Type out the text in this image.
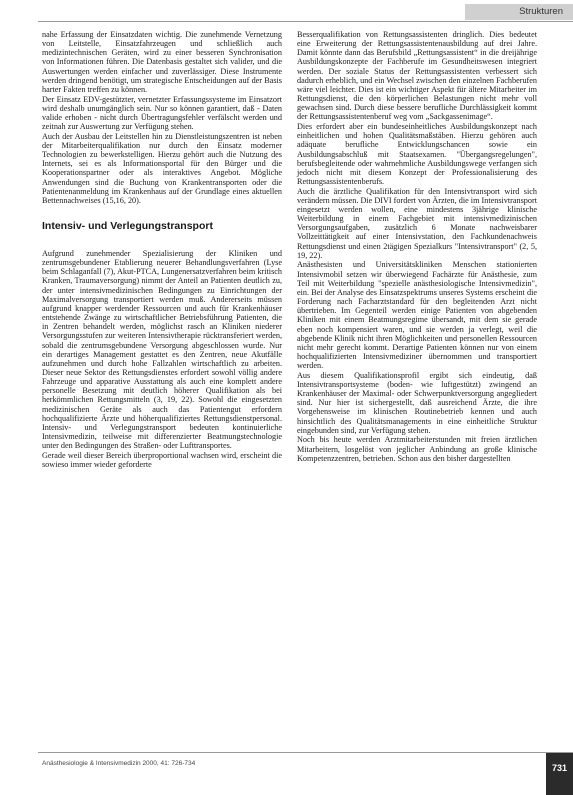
Strukturen

nahe Erfassung der Einsatzdaten wichtig. Die zunehmende Vernetzung von Leitstelle, Einsatzfahrzeugen und schließlich auch medizintechnischen Geräten, wird zu einer besseren Synchronisation von Informationen führen. Die Datenbasis gestaltet sich valider, und die Auswertungen werden einfacher und zuverlässiger. Diese Instrumente werden dringend benötigt, um strategische Entscheidungen auf der Basis harter Fakten treffen zu können.

Der Einsatz EDV-gestützter, vernetzter Erfassungssysteme im Einsatzort wird deshalb unumgänglich sein. Nur so können garantiert, daß - Daten valide erhoben - nicht durch Übertragungsfehler verfälscht werden und zeitnah zur Auswertung zur Verfügung stehen.

Auch der Ausbau der Leitstellen hin zu Dienstleistungszentren ist neben der Mitarbeiterqualifikation nur durch den Einsatz moderner Technologien zu bewerkstelligen. Hierzu gehört auch die Nutzung des Internets, sei es als Informationsportal für den Bürger und die Kooperationspartner oder als interaktives Angebot. Mögliche Anwendungen sind die Buchung von Krankentransporten oder die Patientenanmeldung im Krankenhaus auf der Grundlage eines aktuellen Bettennachweises (15,16, 20).

Intensiv- und Verlegungstransport

Aufgrund zunehmender Spezialisierung der Kliniken und zentrumsgebundener Etablierung neuerer Behandlungsverfahren (Lyse beim Schlaganfall (7), Akut-PTCA, Lungenersatzverfahren beim kritisch Kranken, Traumaversorgung) nimmt der Anteil an Patienten deutlich zu, der unter intensivmedizinischen Bedingungen zu Einrichtungen der Maximalversorgung transportiert werden muß. Andererseits müssen aufgrund knapper werdender Ressourcen und auch für Krankenhäuser entstehende Zwänge zu wirtschaftlicher Betriebsführung Patienten, die in Zentren behandelt werden, möglichst rasch an Kliniken niederer Versorgungsstufen zur weiteren Intensivtherapie rücktransferiert werden, sobald die zentrumsgebundene Versorgung abgeschlossen wurde. Nur ein derartiges Management gestattet es den Zentren, neue Akutfälle aufzunehmen und durch hohe Fallzahlen wirtschaftlich zu arbeiten. Dieser neue Sektor des Rettungsdienstes erfordert sowohl völlig andere Fahrzeuge und apparative Ausstattung als auch eine komplett andere personelle Besetzung mit deutlich höherer Qualifikation als bei herkömmlichen Rettungsmitteln (3, 19, 22). Sowohl die eingesetzten medizinischen Geräte als auch das Patientengut erfordern hochqualifizierte Ärzte und höherqualifiziertes Rettungsdienstpersonal. Intensiv- und Verlegungstransport bedeuten kontinuierliche Intensivmedizin, teilweise mit differenzierter Beatmungstechnologie unter den Bedingungen des Straßen- oder Lufttransportes.

Gerade weil dieser Bereich überproportional wachsen wird, erscheint die sowieso immer wieder geforderte

Besserqualifikation von Rettungsassistenten dringlich. Dies bedeutet eine Erweiterung der Rettungsassistentenausbildung auf drei Jahre. Damit könnte dann das Berufsbild „Rettungsassistent“ in die dreijährige Ausbildungskonzepte der Fachberufe im Gesundheitswesen integriert werden. Der soziale Status der Rettungsassistenten verbessert sich dadurch erheblich, und ein Wechsel zwischen den einzelnen Fachberufen wäre viel leichter. Dies ist ein wichtiger Aspekt für ältere Mitarbeiter im Rettungsdienst, die den körperlichen Belastungen nicht mehr voll gewachsen sind. Durch diese bessere berufliche Durchlässigkeit kommt der Rettungsassistentenberuf weg vom „Sackgassenimage“.

Dies erfordert aber ein bundeseinheitliches Ausbildungskonzept nach einheitlichen und hohen Qualitätsmaßstäben. Hierzu gehören auch adäquate berufliche Entwicklungschancen sowie ein Ausbildungsabschluß mit Staatsexamen. "Übergangsregelungen", berufsbegleitende oder wahrnehmliche Ausbildungswege verfangen sich jedoch nicht mit diesem Konzept der Professionalisierung des Rettungsassistentenberufs.

Auch die ärztliche Qualifikation für den Intensivtransport wird sich verändern müssen. Die DIVI fordert von Ärzten, die im Intensivtransport eingesetzt werden wollen, eine mindestens 3jährige klinische Weiterbildung in einem Fachgebiet mit intensivmedizinischen Versorgungsaufgaben, zusätzlich 6 Monate nachweisbarer Vollzeittätigkeit auf einer Intensivstation, den Fachkundenachweis Rettungsdienst und einen 2tägigen Spezialkurs "Intensivtransport" (2, 5, 19, 22).

Anästhesisten und Universitätskliniken Menschen stationierten Intensivmobil setzen wir überwiegend Fachärzte für Anästhesie, zum Teil mit Weiterbildung "spezielle anästhesiologische Intensivmedizin", ein. Bei der Analyse des Einsatzspektrums unseres Systems erscheint die Forderung nach Facharztstandard für den begleitenden Arzt nicht übertrieben. Im Gegenteil werden einige Patienten von abgebenden Kliniken mit einem Beatmungsregime übersandt, mit dem sie gerade eben noch kompensiert waren, und sie werden ja verlegt, weil die abgebende Klinik nicht ihren Möglichkeiten und personellen Ressourcen nicht mehr gerecht kommt. Derartige Patienten können nur von einem hochqualifizierten Intensivmediziner übernommen und transportiert werden.

Aus diesem Qualifikationsprofil ergibt sich eindeutig, daß Intensivtransportsysteme (boden- wie luftgestützt) zwingend an Krankenhäuser der Maximal- oder Schwerpunktversorgung angegliedert sind. Nur hier ist sichergestellt, daß ausreichend Ärzte, die ihre Vorgehensweise im klinischen Routinebetrieb kennen und auch hinsichtlich des Qualitätsmanagements in eine einheitliche Struktur eingebunden sind, zur Verfügung stehen.

Noch bis heute werden Arztmitarbeiterstunden mit freien ärztlichen Mitarbeitern, losgelöst von jeglicher Anbindung an große klinische Kompetenzzentren, betrieben. Schon aus den bisher dargestellten

Anästhesiologie & Intensivmedizin 2000, 41: 726-734	731
